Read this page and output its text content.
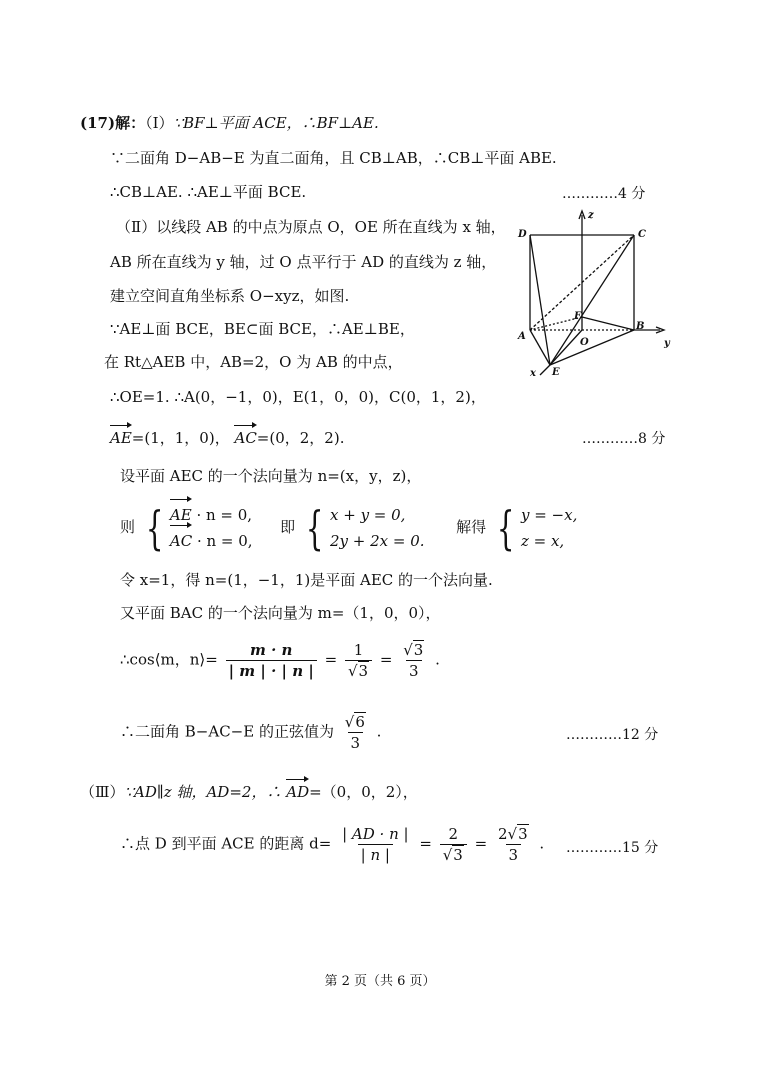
(17)解：（Ⅰ）∵BF⊥平面 ACE，∴BF⊥AE.
∵二面角 D−AB−E 为直二面角，且 CB⊥AB，∴CB⊥平面 ABE.
∴CB⊥AE. ∴AE⊥平面 BCE.	…………4 分
（Ⅱ）以线段 AB 的中点为原点 O，OE 所在直线为 x 轴，
AB 所在直线为 y 轴，过 O 点平行于 AD 的直线为 z 轴，
建立空间直角坐标系 O−xyz，如图.
∵AE⊥面 BCE，BE⊂面 BCE，∴AE⊥BE，
在 Rt△AEB 中，AB=2，O 为 AB 的中点，
∴OE=1. ∴A(0，−1，0)，E(1，0，0)，C(0，1，2)，
AE=(1，1，0)， AC=(0，2，2).	…………8 分
设平面 AEC 的一个法向量为 n=(x，y，z)，
则 { AE · n = 0,
AC · n = 0,
即 { x + y = 0,
2y + 2x = 0.
解得 { y = −x,
z = x,
令 x=1，得 n=(1，−1，1)是平面 AEC 的一个法向量.
又平面 BAC 的一个法向量为 m=（1，0，0），
∴cos⟨m，n⟩= $\frac{m \cdot n}{| m | \cdot | n |} = \frac{1}{√3} = \frac{√3}{3}$ .
∴二面角 B−AC−E 的正弦值为 $\frac{√6}{3}$ .	…………12 分
（Ⅲ）∵AD∥z 轴，AD=2，∴ AD=（0，0，2），
∴点 D 到平面 ACE 的距离 $d= \frac{| AD \cdot n |}{| n |} = \frac{2}{√3} = \frac{2√3}{3}$ . …………15 分
D	C
A
B
O
E
F
x
y
z
第 2 页（共 6 页）
